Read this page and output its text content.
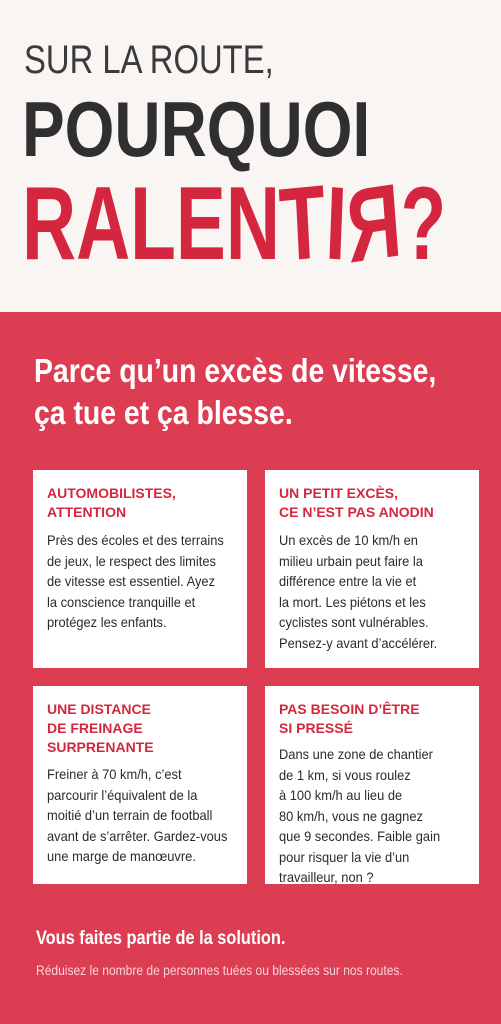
SUR LA ROUTE,
POURQUOI
RALENTIR?
Parce qu’un excès de vitesse,
ça tue et ça blesse.
AUTOMOBILISTES,
ATTENTION
Près des écoles et des terrains
de jeux, le respect des limites
de vitesse est essentiel. Ayez
la conscience tranquille et
protégez les enfants.
UN PETIT EXCÈS,
CE N’EST PAS ANODIN
Un excès de 10 km/h en
milieu urbain peut faire la
différence entre la vie et
la mort. Les piétons et les
cyclistes sont vulnérables.
Pensez-y avant d’accélérer.
UNE DISTANCE
DE FREINAGE
SURPRENANTE
Freiner à 70 km/h, c’est
parcourir l’équivalent de la
moitié d’un terrain de football
avant de s’arrêter. Gardez-vous
une marge de manœuvre.
PAS BESOIN D’ÊTRE
SI PRESSÉ
Dans une zone de chantier
de 1 km, si vous roulez
à 100 km/h au lieu de
80 km/h, vous ne gagnez
que 9 secondes. Faible gain
pour risquer la vie d’un
travailleur, non ?
Vous faites partie de la solution.
Réduisez le nombre de personnes tuées ou blessées sur nos routes.
